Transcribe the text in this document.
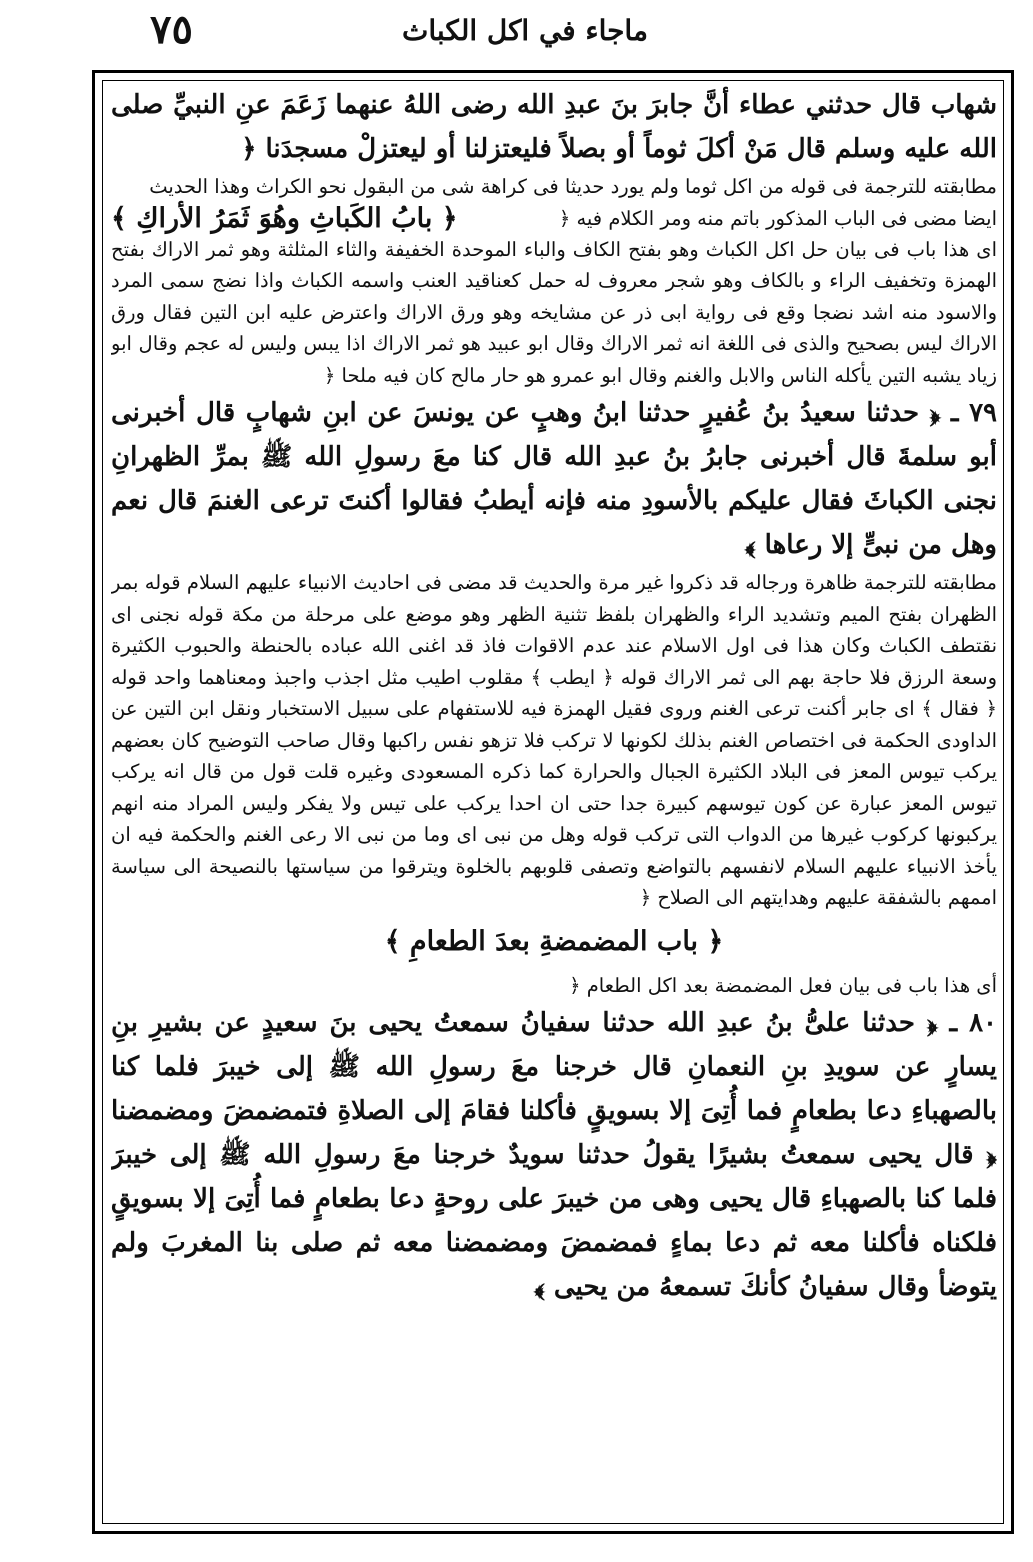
٧٥	ماجاء في اكل الكباث

شهاب قال حدثني عطاء أنَّ جابرَ بنَ عبدِ الله رضى اللهُ عنهما زَعَمَ عنِ النبيِّ صلى الله عليه وسلم قال مَنْ أكلَ ثوماً أو بصلاً فليعتزلنا أو ليعتزلْ مسجدَنا ﴿

مطابقته للترجمة فى قوله من اكل ثوما ولم يورد حديثا فى كراهة شى من البقول نحو الكراث وهذا الحديث

ايضا مضى فى الباب المذكور باتم منه ومر الكلام فيه ﴿
﴿ بابُ الكَباثِ وهُوَ ثَمَرُ الأراكِ ﴾

اى هذا باب فى بيان حل اكل الكباث وهو بفتح الكاف والباء الموحدة الخفيفة والثاء المثلثة وهو ثمر الاراك بفتح الهمزة وتخفيف الراء و بالكاف وهو شجر معروف له حمل كعناقيد العنب واسمه الكباث واذا نضج سمى المرد والاسود منه اشد نضجا وقع فى رواية ابى ذر عن مشايخه وهو ورق الاراك واعترض عليه ابن التين فقال ورق الاراك ليس بصحيح والذى فى اللغة انه ثمر الاراك وقال ابو عبيد هو ثمر الاراك اذا يبس وليس له عجم وقال ابو زياد يشبه التين يأكله الناس والابل والغنم وقال ابو عمرو هو حار مالح كان فيه ملحا ﴿

٧٩ ـ ﴿ حدثنا سعيدُ بنُ عُفيرٍ حدثنا ابنُ وهبٍ عن يونسَ عن ابنِ شهابٍ قال أخبرنى أبو سلمةَ قال أخبرنى جابرُ بنُ عبدِ الله قال كنا معَ رسولِ الله ﷺ بمرِّ الظهرانِ نجنى الكباثَ فقال عليكم بالأسودِ منه فإنه أيطبُ فقالوا أكنتَ ترعى الغنمَ قال نعم وهل من نبىٍّ إلا رعاها ﴾

مطابقته للترجمة ظاهرة ورجاله قد ذكروا غير مرة والحديث قد مضى فى احاديث الانبياء عليهم السلام قوله بمر الظهران بفتح الميم وتشديد الراء والظهران بلفظ تثنية الظهر وهو موضع على مرحلة من مكة قوله نجنى اى نقتطف الكباث وكان هذا فى اول الاسلام عند عدم الاقوات فاذ قد اغنى الله عباده بالحنطة والحبوب الكثيرة وسعة الرزق فلا حاجة بهم الى ثمر الاراك قوله ﴿ ايطب ﴾ مقلوب اطيب مثل اجذب واجبذ ومعناهما واحد قوله ﴿ فقال ﴾ اى جابر أكنت ترعى الغنم وروى فقيل الهمزة فيه للاستفهام على سبيل الاستخبار ونقل ابن التين عن الداودى الحكمة فى اختصاص الغنم بذلك لكونها لا تركب فلا تزهو نفس راكبها وقال صاحب التوضيح كان بعضهم يركب تيوس المعز فى البلاد الكثيرة الجبال والحرارة كما ذكره المسعودى وغيره قلت قول من قال انه يركب تيوس المعز عبارة عن كون تيوسهم كبيرة جدا حتى ان احدا يركب على تيس ولا يفكر وليس المراد منه انهم يركبونها كركوب غيرها من الدواب التى تركب قوله وهل من نبى اى وما من نبى الا رعى الغنم والحكمة فيه ان يأخذ الانبياء عليهم السلام لانفسهم بالتواضع وتصفى قلوبهم بالخلوة ويترقوا من سياستها بالنصيحة الى سياسة اممهم بالشفقة عليهم وهدايتهم الى الصلاح ﴿

﴿ باب المضمضةِ بعدَ الطعامِ ﴾

أى هذا باب فى بيان فعل المضمضة بعد اكل الطعام ﴿

٨٠ ـ ﴿ حدثنا علىُّ بنُ عبدِ الله حدثنا سفيانُ سمعتُ يحيى بنَ سعيدٍ عن بشيرِ بنِ يسارٍ عن سويدِ بنِ النعمانِ قال خرجنا معَ رسولِ الله ﷺ إلى خيبرَ فلما كنا بالصهباءِ دعا بطعامٍ فما أُتِىَ إلا بسويقٍ فأكلنا فقامَ إلى الصلاةِ فتمضمضَ ومضمضنا ﴿ قال يحيى سمعتُ بشيرًا يقولُ حدثنا سويدٌ خرجنا معَ رسولِ الله ﷺ إلى خيبرَ فلما كنا بالصهباءِ قال يحيى وهى من خيبرَ على روحةٍ دعا بطعامٍ فما أُتِىَ إلا بسويقٍ فلكناه فأكلنا معه ثم دعا بماءٍ فمضمضَ ومضمضنا معه ثم صلى بنا المغربَ ولم يتوضأ وقال سفيانُ كأنكَ تسمعهُ من يحيى ﴾
